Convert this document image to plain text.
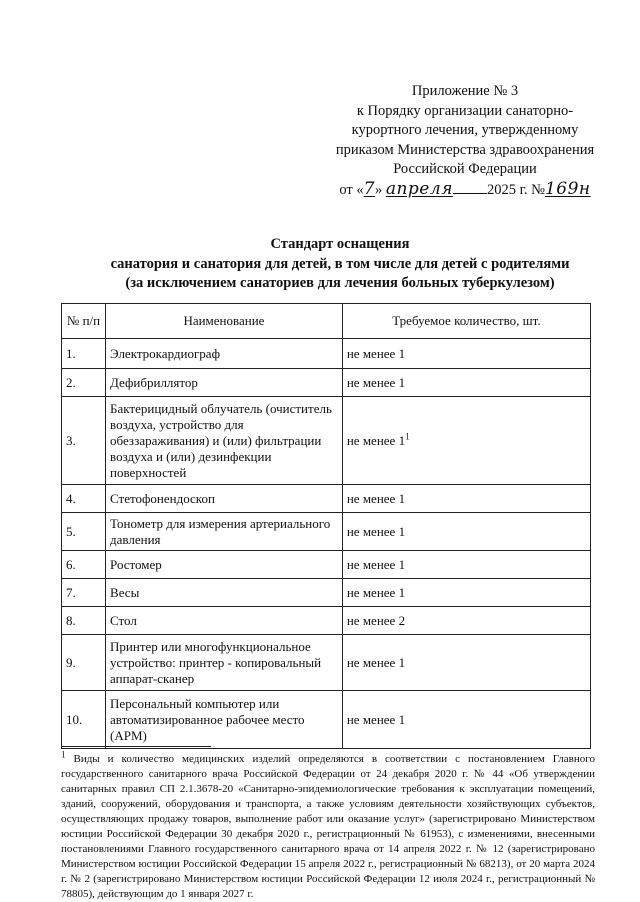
Приложение № 3
к Порядку организации санаторно-
курортного лечения, утвержденному
приказом Министерства здравоохранения
Российской Федерации
от «7» апреля 2025 г. №169н
Стандарт оснащения
санатория и санатория для детей, в том числе для детей с родителями
(за исключением санаториев для лечения больных туберкулезом)
№ п/п	Наименование	Требуемое количество, шт.
1.	Электрокардиограф	не менее 1
2.	Дефибриллятор	не менее 1
3.	Бактерицидный облучатель (очиститель воздуха, устройство для обеззараживания) и (или) фильтрации воздуха и (или) дезинфекции поверхностей	не менее $1^1$
4.	Стетофонендоскоп	не менее 1
5.	Тонометр для измерения артериального давления	не менее 1
6.	Ростомер	не менее 1
7.	Весы	не менее 1
8.	Стол	не менее 2
9.	Принтер или многофункциональное устройство: принтер - копировальный аппарат-сканер	не менее 1
10.	Персональный компьютер или автоматизированное рабочее место (АРМ)	не менее 1
$^1$ Виды и количество медицинских изделий определяются в соответствии с постановлением Главного государственного санитарного врача Российской Федерации от 24 декабря 2020 г. № 44 «Об утверждении санитарных правил СП 2.1.3678-20 «Санитарно-эпидемиологические требования к эксплуатации помещений, зданий, сооружений, оборудования и транспорта, а также условиям деятельности хозяйствующих субъектов, осуществляющих продажу товаров, выполнение работ или оказание услуг» (зарегистрировано Министерством юстиции Российской Федерации 30 декабря 2020 г., регистрационный № 61953), с изменениями, внесенными постановлениями Главного государственного санитарного врача от 14 апреля 2022 г. № 12 (зарегистрировано Министерством юстиции Российской Федерации 15 апреля 2022 г., регистрационный № 68213), от 20 марта 2024 г. № 2 (зарегистрировано Министерством юстиции Российской Федерации 12 июля 2024 г., регистрационный № 78805), действующим до 1 января 2027 г.
